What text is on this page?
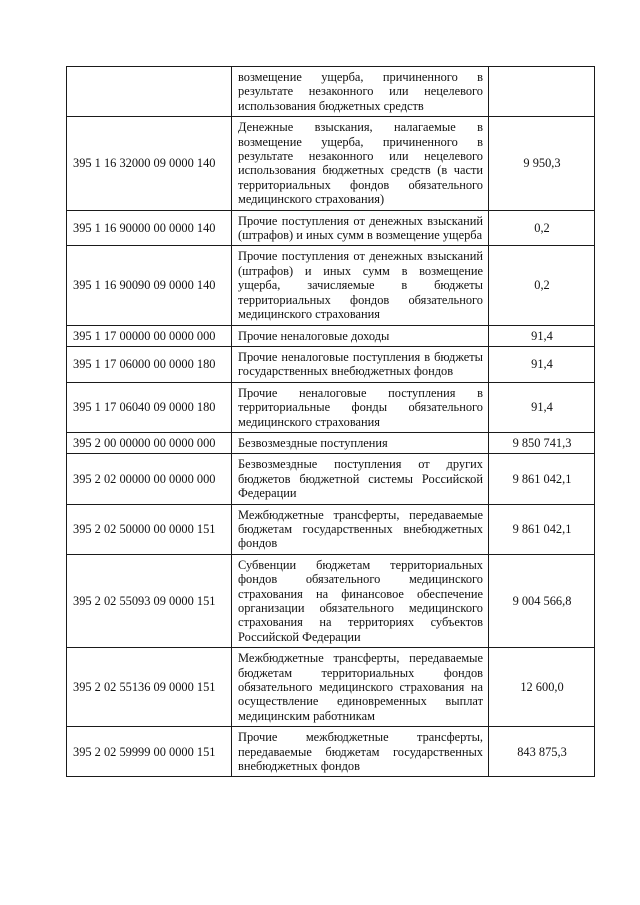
	возмещение ущерба, причиненного в результате незаконного или нецелевого использования бюджетных средств	
395 1 16 32000 09 0000 140	Денежные взыскания, налагаемые в возмещение ущерба, причиненного в результате незаконного или нецелевого использования бюджетных средств (в части территориальных фондов обязательного медицинского страхования)	9 950,3
395 1 16 90000 00 0000 140	Прочие поступления от денежных взысканий (штрафов) и иных сумм в возмещение ущерба	0,2
395 1 16 90090 09 0000 140	Прочие поступления от денежных взысканий (штрафов) и иных сумм в возмещение ущерба, зачисляемые в бюджеты территориальных фондов обязательного медицинского страхования	0,2
395 1 17 00000 00 0000 000	Прочие неналоговые доходы	91,4
395 1 17 06000 00 0000 180	Прочие неналоговые поступления в бюджеты государственных внебюджетных фондов	91,4
395 1 17 06040 09 0000 180	Прочие неналоговые поступления в территориальные фонды обязательного медицинского страхования	91,4
395 2 00 00000 00 0000 000	Безвозмездные поступления	9 850 741,3
395 2 02 00000 00 0000 000	Безвозмездные поступления от других бюджетов бюджетной системы Российской Федерации	9 861 042,1
395 2 02 50000 00 0000 151	Межбюджетные трансферты, передаваемые бюджетам государственных внебюджетных фондов	9 861 042,1
395 2 02 55093 09 0000 151	Субвенции бюджетам территориальных фондов обязательного медицинского страхования на финансовое обеспечение организации обязательного медицинского страхования на территориях субъектов Российской Федерации	9 004 566,8
395 2 02 55136 09 0000 151	Межбюджетные трансферты, передаваемые бюджетам территориальных фондов обязательного медицинского страхования на осуществление единовременных выплат медицинским работникам	12 600,0
395 2 02 59999 00 0000 151	Прочие межбюджетные трансферты, передаваемые бюджетам государственных внебюджетных фондов	843 875,3
